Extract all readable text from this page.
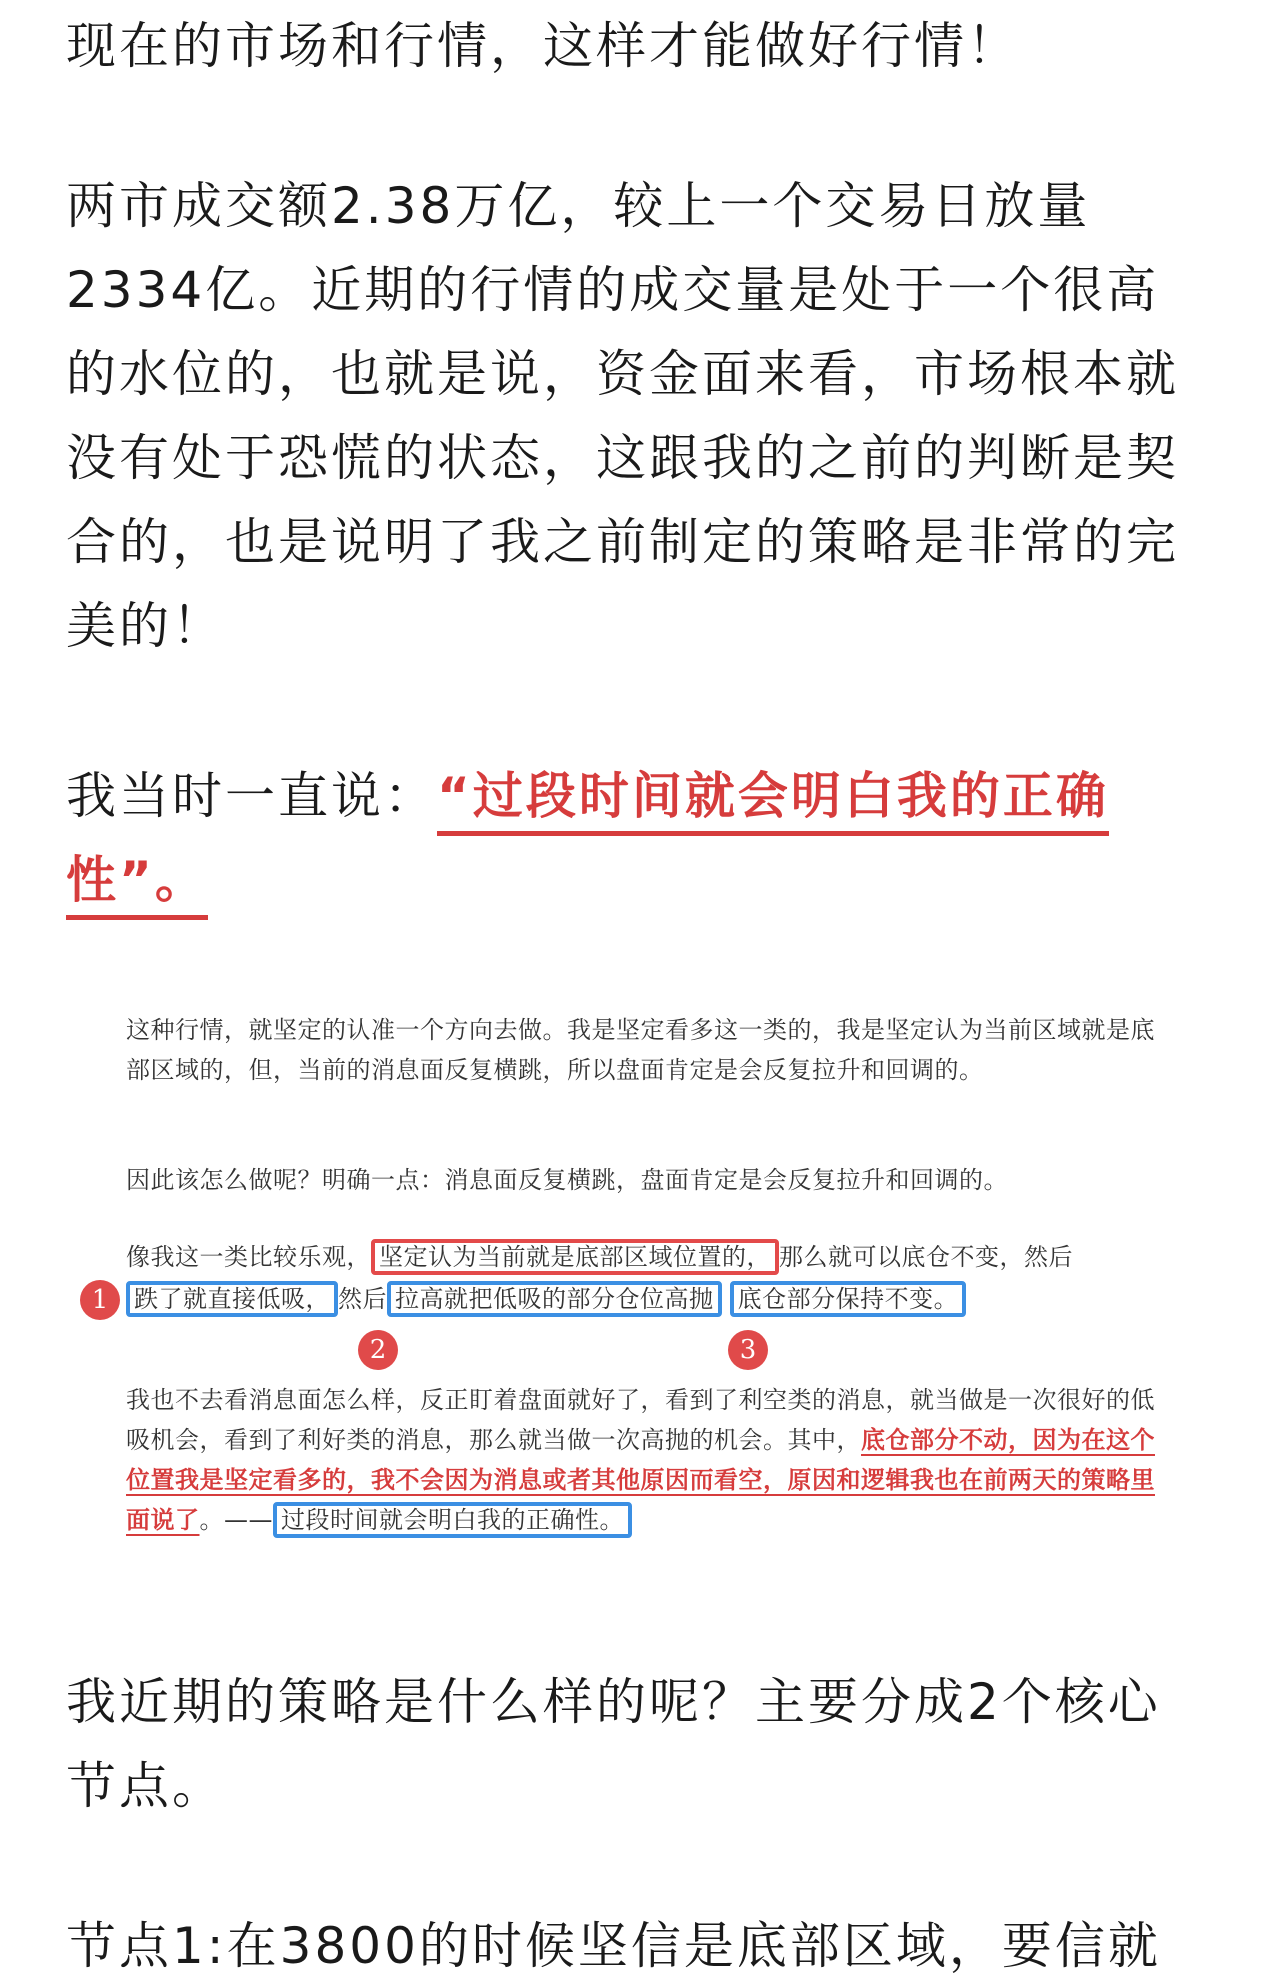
现在的市场和行情，这样才能做好行情！

两市成交额2.38万亿，较上一个交易日放量2334亿。近期的行情的成交量是处于一个很高的水位的，也就是说，资金面来看，市场根本就没有处于恐慌的状态，这跟我的之前的判断是契合的，也是说明了我之前制定的策略是非常的完美的！

我当时一直说：“过段时间就会明白我的正确性”。

这种行情，就坚定的认准一个方向去做。我是坚定看多这一类的，我是坚定认为当前区域就是底部区域的，但，当前的消息面反复横跳，所以盘面肯定是会反复拉升和回调的。

因此该怎么做呢？明确一点：消息面反复横跳，盘面肯定是会反复拉升和回调的。

像我这一类比较乐观， 坚定认为当前就是底部区域位置的， 那么就可以底仓不变，然后
跌了就直接低吸， 然后 拉高就把低吸的部分仓位高抛 底仓部分保持不变。

1
2	3

我也不去看消息面怎么样，反正盯着盘面就好了，看到了利空类的消息，就当做是一次很好的低吸机会，看到了利好类的消息，那么就当做一次高抛的机会。其中，底仓部分不动，因为在这个位置我是坚定看多的，我不会因为消息或者其他原因而看空，原因和逻辑我也在前两天的策略里面说了。—— 过段时间就会明白我的正确性。

我近期的策略是什么样的呢？主要分成2个核心节点。

节点1:在3800的时候坚信是底部区域，要信就
